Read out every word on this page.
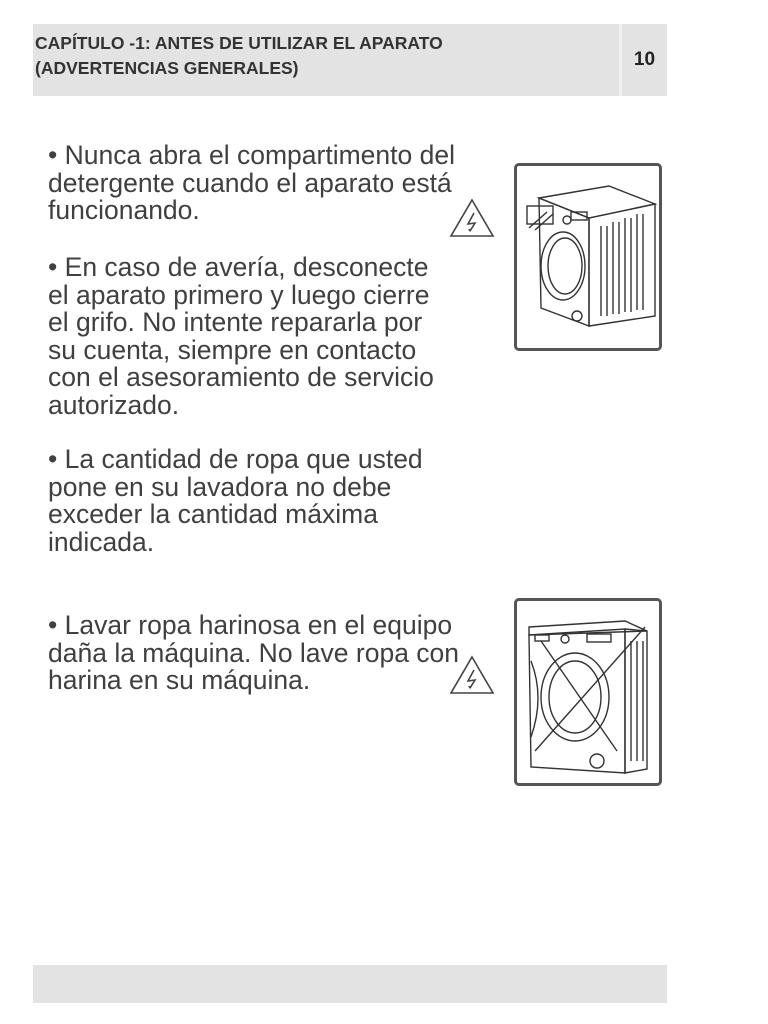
CAPÍTULO -1: ANTES DE UTILIZAR EL APARATO
(ADVERTENCIAS GENERALES)	10

• Nunca abra el compartimento del
detergente cuando el aparato está
funcionando.

• En caso de avería, desconecte
el aparato primero y luego cierre
el grifo. No intente repararla por
su cuenta, siempre en contacto
con el asesoramiento de servicio
autorizado.

• La cantidad de ropa que usted
pone en su lavadora no debe
exceder la cantidad máxima
indicada.

• Lavar ropa harinosa en el equipo
daña la máquina. No lave ropa con
harina en su máquina.
